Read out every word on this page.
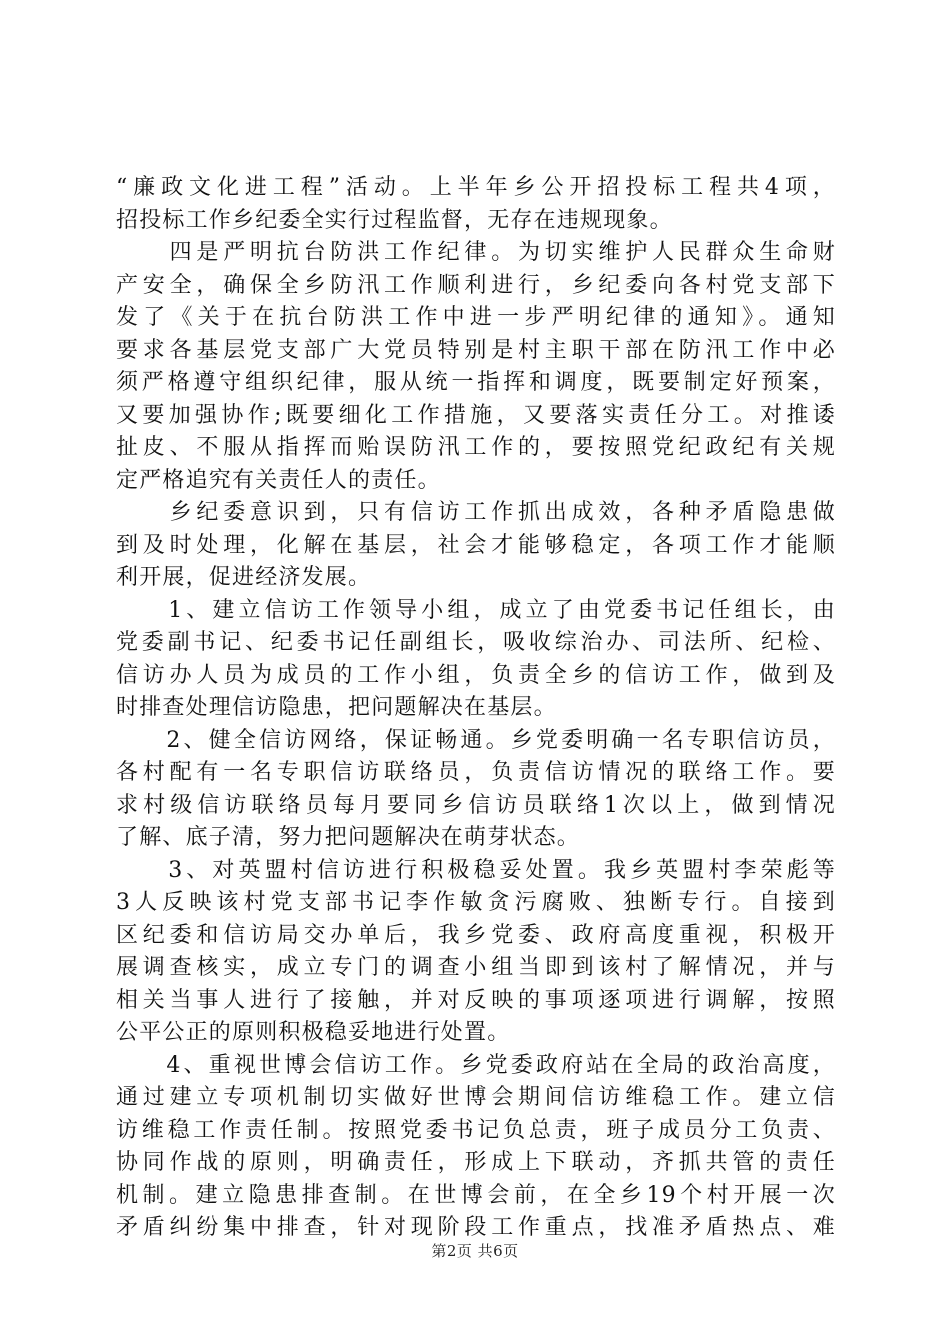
“廉政文化进工程”活动。上半年乡公开招投标工程共4项，
招投标工作乡纪委全实行过程监督，无存在违规现象。
　　四是严明抗台防洪工作纪律。为切实维护人民群众生命财
产安全，确保全乡防汛工作顺利进行，乡纪委向各村党支部下
发了《关于在抗台防洪工作中进一步严明纪律的通知》。通知
要求各基层党支部广大党员特别是村主职干部在防汛工作中必
须严格遵守组织纪律，服从统一指挥和调度，既要制定好预案，
又要加强协作;既要细化工作措施，又要落实责任分工。对推诿
扯皮、不服从指挥而贻误防汛工作的，要按照党纪政纪有关规
定严格追究有关责任人的责任。
　　乡纪委意识到，只有信访工作抓出成效，各种矛盾隐患做
到及时处理，化解在基层，社会才能够稳定，各项工作才能顺
利开展，促进经济发展。
　　1、建立信访工作领导小组，成立了由党委书记任组长，由
党委副书记、纪委书记任副组长，吸收综治办、司法所、纪检、
信访办人员为成员的工作小组，负责全乡的信访工作，做到及
时排查处理信访隐患，把问题解决在基层。
　　2、健全信访网络，保证畅通。乡党委明确一名专职信访员，
各村配有一名专职信访联络员，负责信访情况的联络工作。要
求村级信访联络员每月要同乡信访员联络1次以上，做到情况
了解、底子清，努力把问题解决在萌芽状态。
　　3、对英盟村信访进行积极稳妥处置。我乡英盟村李荣彪等
3人反映该村党支部书记李作敏贪污腐败、独断专行。自接到
区纪委和信访局交办单后，我乡党委、政府高度重视，积极开
展调查核实，成立专门的调查小组当即到该村了解情况，并与
相关当事人进行了接触，并对反映的事项逐项进行调解，按照
公平公正的原则积极稳妥地进行处置。
　　4、重视世博会信访工作。乡党委政府站在全局的政治高度，
通过建立专项机制切实做好世博会期间信访维稳工作。建立信
访维稳工作责任制。按照党委书记负总责，班子成员分工负责、
协同作战的原则，明确责任，形成上下联动，齐抓共管的责任
机制。建立隐患排查制。在世博会前，在全乡19个村开展一次
矛盾纠纷集中排查，针对现阶段工作重点，找准矛盾热点、难
第2页 共6页
